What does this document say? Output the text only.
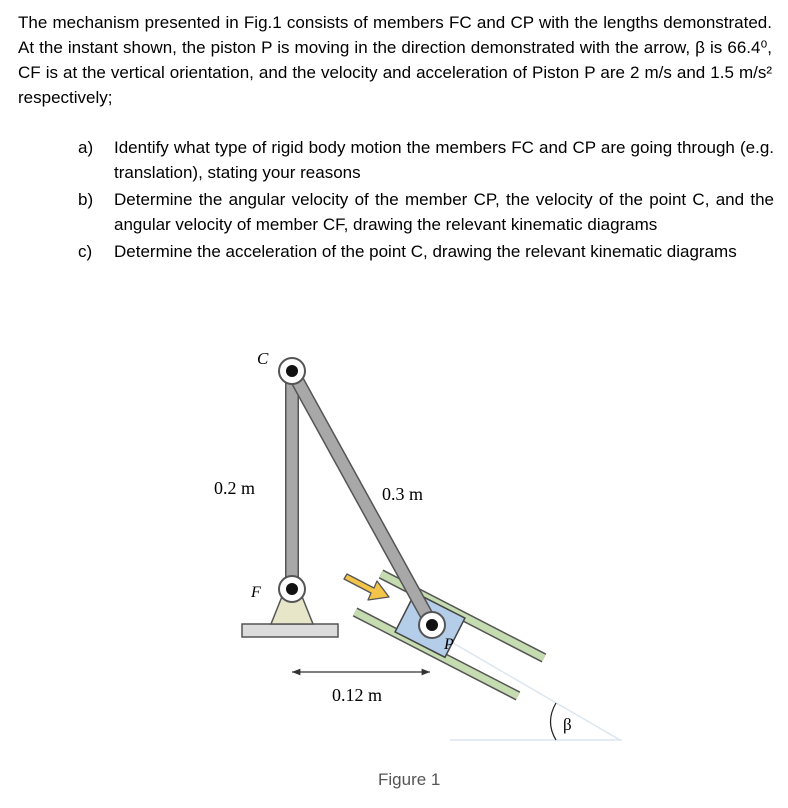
The mechanism presented in Fig.1 consists of members FC and CP with the lengths demonstrated. At the instant shown, the piston P is moving in the direction demonstrated with the arrow, β is 66.4⁰, CF is at the vertical orientation, and the velocity and acceleration of Piston P are 2 m/s and 1.5 m/s² respectively;

a) Identify what type of rigid body motion the members FC and CP are going through (e.g. translation), stating your reasons
b) Determine the angular velocity of the member CP, the velocity of the point C, and the angular velocity of member CF, drawing the relevant kinematic diagrams
c) Determine the acceleration of the point C, drawing the relevant kinematic diagrams
β
P
C
F
0.2 m	0.3 m
0.12 m
Figure 1
